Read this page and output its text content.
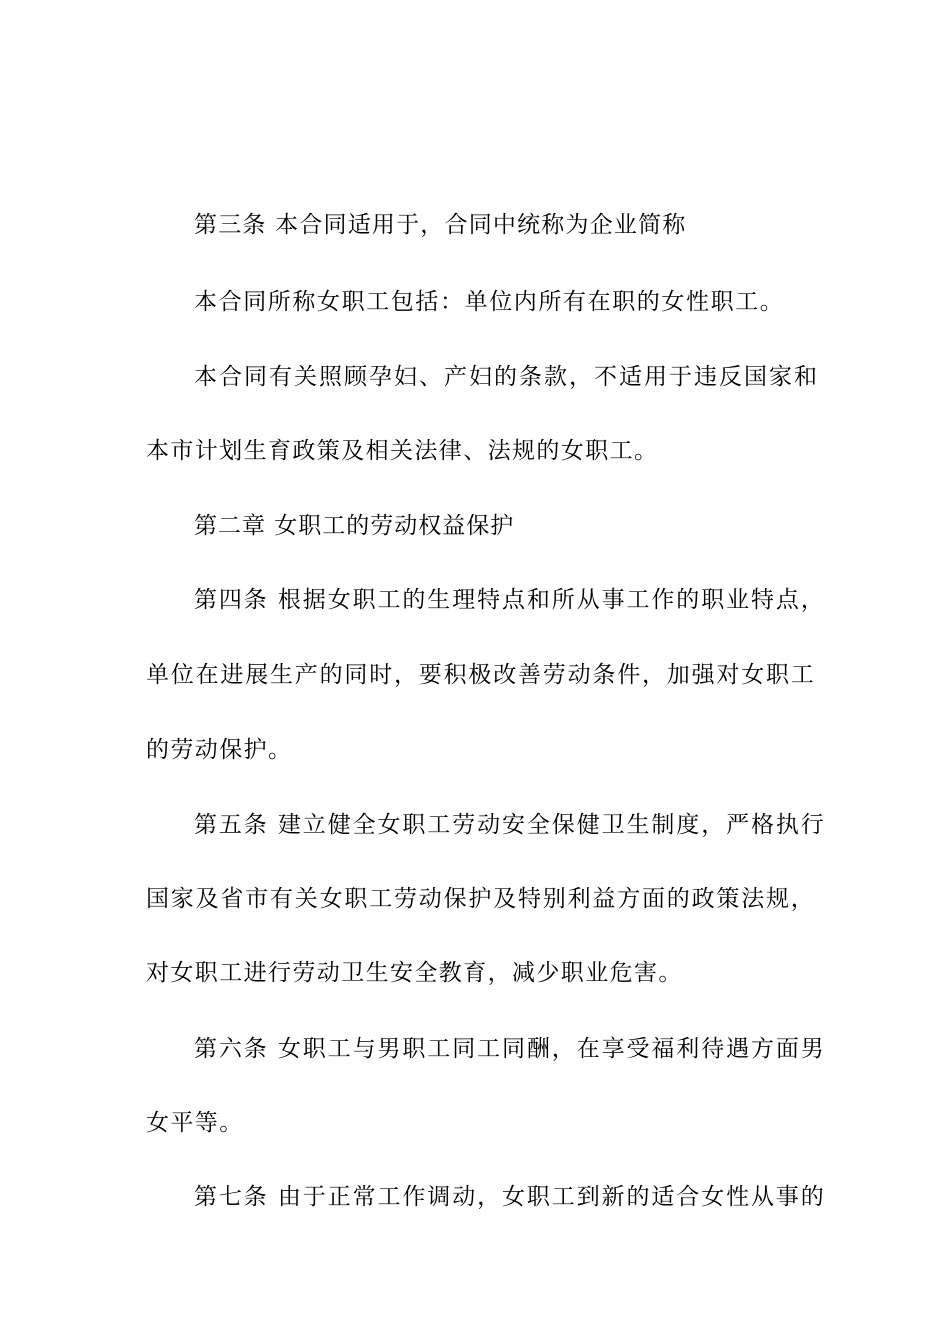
第三条 本合同适用于，合同中统称为企业简称
本合同所称女职工包括：单位内所有在职的女性职工。
本合同有关照顾孕妇、产妇的条款，不适用于违反国家和
本市计划生育政策及相关法律、法规的女职工。
第二章 女职工的劳动权益保护
第四条 根据女职工的生理特点和所从事工作的职业特点，
单位在进展生产的同时，要积极改善劳动条件，加强对女职工
的劳动保护。
第五条 建立健全女职工劳动安全保健卫生制度，严格执行
国家及省市有关女职工劳动保护及特别利益方面的政策法规，
对女职工进行劳动卫生安全教育，减少职业危害。
第六条 女职工与男职工同工同酬，在享受福利待遇方面男
女平等。
第七条 由于正常工作调动，女职工到新的适合女性从事的
